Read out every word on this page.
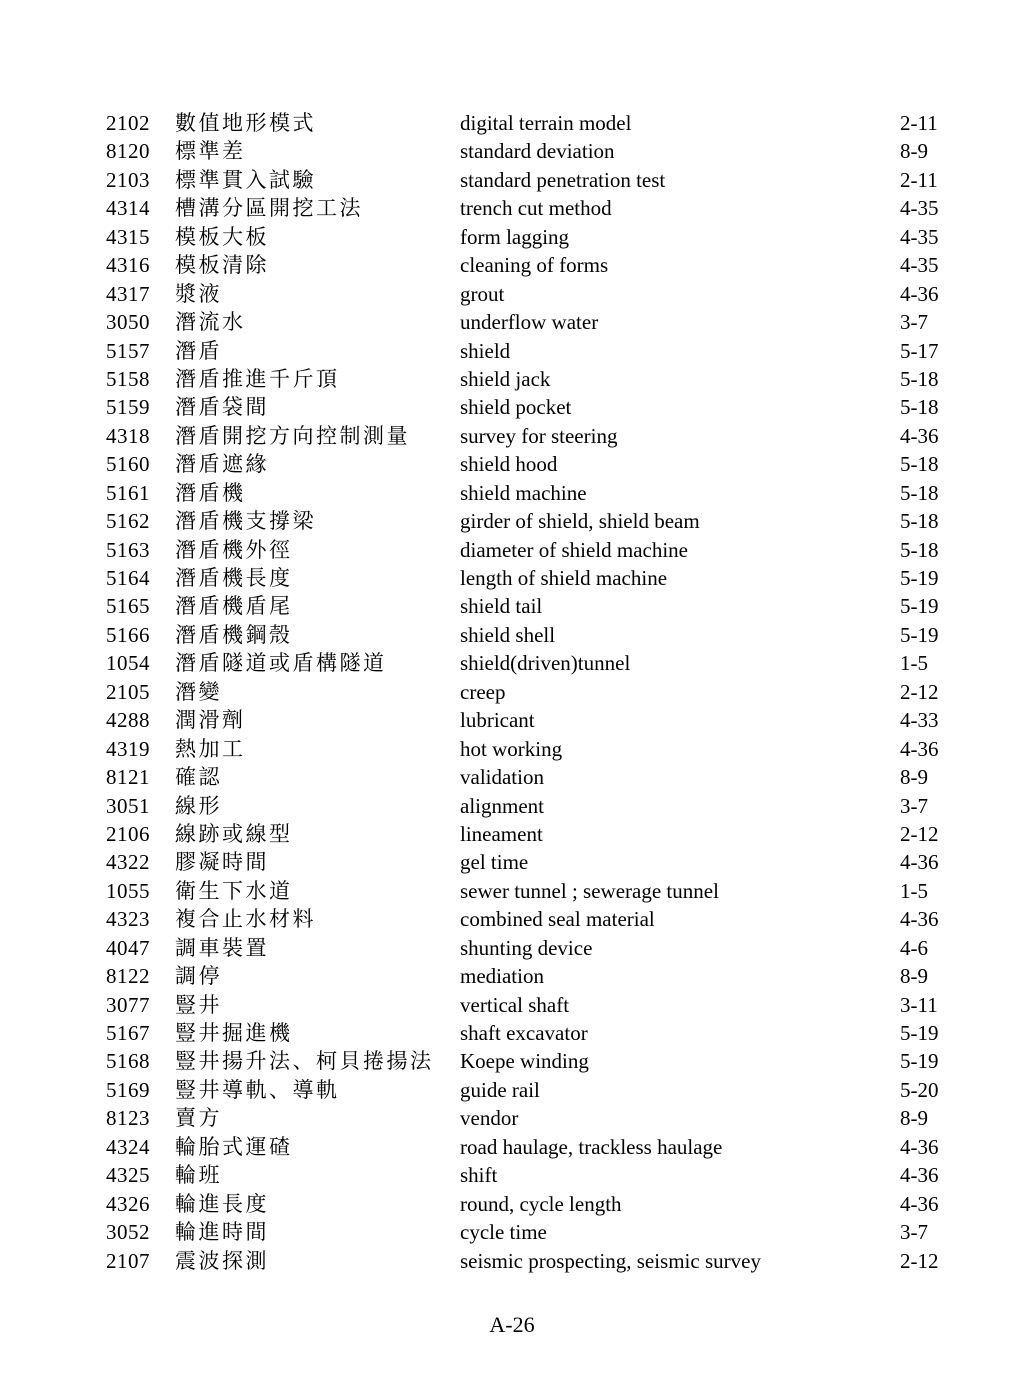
2102	數值地形模式	digital terrain model	2-11
8120	標準差	standard deviation	8-9
2103	標準貫入試驗	standard penetration test	2-11
4314	槽溝分區開挖工法	trench cut method	4-35
4315	模板大板	form lagging	4-35
4316	模板清除	cleaning of forms	4-35
4317	漿液	grout	4-36
3050	潛流水	underflow water	3-7
5157	潛盾	shield	5-17
5158	潛盾推進千斤頂	shield jack	5-18
5159	潛盾袋間	shield pocket	5-18
4318	潛盾開挖方向控制測量	survey for steering	4-36
5160	潛盾遮緣	shield hood	5-18
5161	潛盾機	shield machine	5-18
5162	潛盾機支撐梁	girder of shield, shield beam	5-18
5163	潛盾機外徑	diameter of shield machine	5-18
5164	潛盾機長度	length of shield machine	5-19
5165	潛盾機盾尾	shield tail	5-19
5166	潛盾機鋼殼	shield shell	5-19
1054	潛盾隧道或盾構隧道	shield(driven)tunnel	1-5
2105	潛變	creep	2-12
4288	潤滑劑	lubricant	4-33
4319	熱加工	hot working	4-36
8121	確認	validation	8-9
3051	線形	alignment	3-7
2106	線跡或線型	lineament	2-12
4322	膠凝時間	gel time	4-36
1055	衛生下水道	sewer tunnel ; sewerage tunnel	1-5
4323	複合止水材料	combined seal material	4-36
4047	調車裝置	shunting device	4-6
8122	調停	mediation	8-9
3077	豎井	vertical shaft	3-11
5167	豎井掘進機	shaft excavator	5-19
5168	豎井揚升法、柯貝捲揚法	Koepe winding	5-19
5169	豎井導軌、導軌	guide rail	5-20
8123	賣方	vendor	8-9
4324	輪胎式運碴	road haulage, trackless haulage	4-36
4325	輪班	shift	4-36
4326	輪進長度	round, cycle length	4-36
3052	輪進時間	cycle time	3-7
2107	震波探測	seismic prospecting, seismic survey	2-12
A-26
